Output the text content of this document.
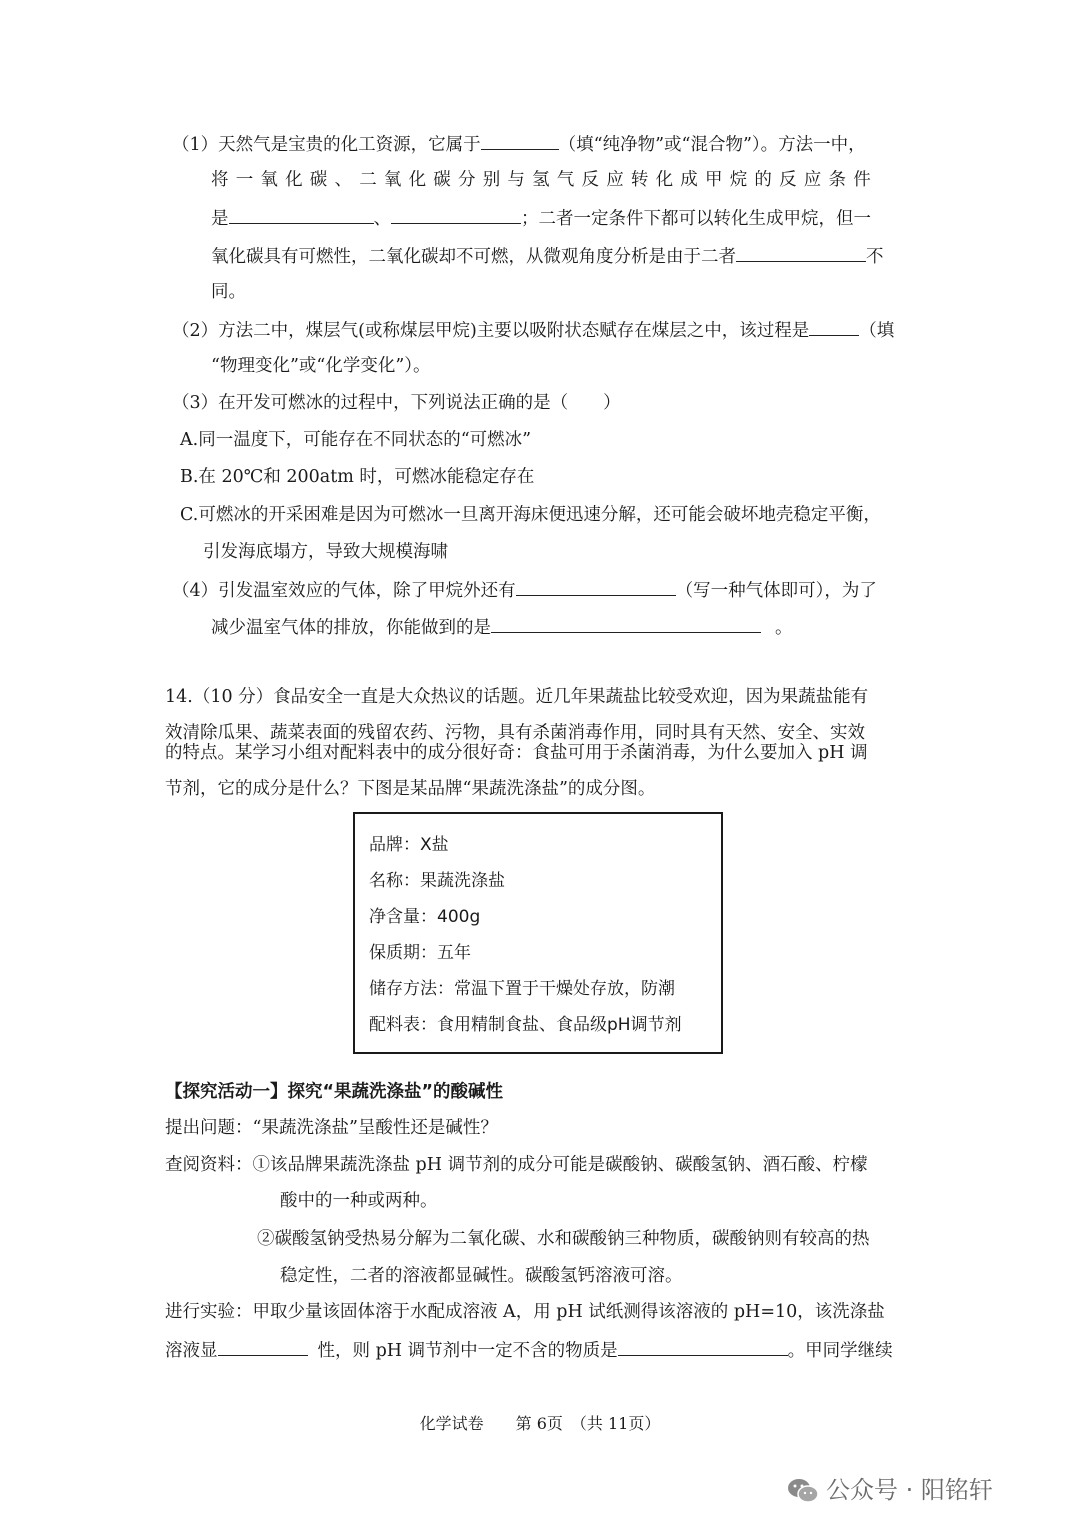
（1）天然气是宝贵的化工资源，它属于	（填“纯净物”或“混合物”）。方法一中，
将一氧化碳、二氧化碳分别与氢气反应转化成甲烷的反应条件
是	、	；二者一定条件下都可以转化生成甲烷，但一
氧化碳具有可燃性，二氧化碳却不可燃，从微观角度分析是由于二者	不
同。
（2）方法二中，煤层气(或称煤层甲烷)主要以吸附状态赋存在煤层之中，该过程是	（填
“物理变化”或“化学变化”）。
（3）在开发可燃冰的过程中，下列说法正确的是（　　）
A.同一温度下，可能存在不同状态的“可燃冰”
B.在 20℃和 200atm 时，可燃冰能稳定存在
C.可燃冰的开采困难是因为可燃冰一旦离开海床便迅速分解，还可能会破坏地壳稳定平衡，
引发海底塌方，导致大规模海啸
（4）引发温室效应的气体，除了甲烷外还有	（写一种气体即可），为了
减少温室气体的排放，你能做到的是	。
14.（10 分）食品安全一直是大众热议的话题。近几年果蔬盐比较受欢迎，因为果蔬盐能有
效清除瓜果、蔬菜表面的残留农药、污物，具有杀菌消毒作用，同时具有天然、安全、实效
的特点。某学习小组对配料表中的成分很好奇：食盐可用于杀菌消毒，为什么要加入 pH 调
节剂，它的成分是什么？下图是某品牌“果蔬洗涤盐”的成分图。
品牌：X盐
名称：果蔬洗涤盐
净含量：400g
保质期：五年
储存方法：常温下置于干燥处存放，防潮
配料表：食用精制食盐、食品级pH调节剂
【探究活动一】探究“果蔬洗涤盐”的酸碱性
提出问题：“果蔬洗涤盐”呈酸性还是碱性？
查阅资料：①该品牌果蔬洗涤盐 pH 调节剂的成分可能是碳酸钠、碳酸氢钠、酒石酸、柠檬
酸中的一种或两种。
②碳酸氢钠受热易分解为二氧化碳、水和碳酸钠三种物质，碳酸钠则有较高的热
稳定性，二者的溶液都显碱性。碳酸氢钙溶液可溶。
进行实验：甲取少量该固体溶于水配成溶液 A，用 pH 试纸测得该溶液的 pH=10，该洗涤盐
溶液显	性，则 pH 调节剂中一定不含的物质是	。甲同学继续
化学试卷　　第 6页　（共 11页）
公众号 · 阳铭轩
